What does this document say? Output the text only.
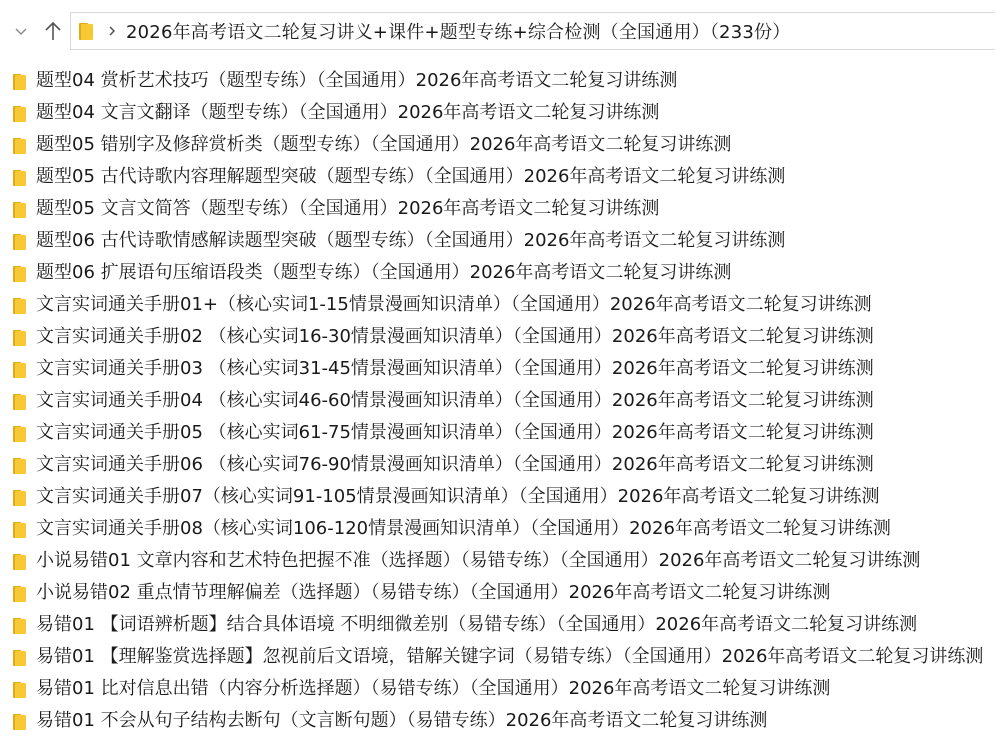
2026年高考语文二轮复习讲义+课件+题型专练+综合检测（全国通用）（233份）
题型04 赏析艺术技巧（题型专练）（全国通用）2026年高考语文二轮复习讲练测
题型04 文言文翻译（题型专练）（全国通用）2026年高考语文二轮复习讲练测
题型05 错别字及修辞赏析类（题型专练）（全国通用）2026年高考语文二轮复习讲练测
题型05 古代诗歌内容理解题型突破（题型专练）（全国通用）2026年高考语文二轮复习讲练测
题型05 文言文简答（题型专练）（全国通用）2026年高考语文二轮复习讲练测
题型06 古代诗歌情感解读题型突破（题型专练）（全国通用）2026年高考语文二轮复习讲练测
题型06 扩展语句压缩语段类（题型专练）（全国通用）2026年高考语文二轮复习讲练测
文言实词通关手册01+（核心实词1-15情景漫画知识清单）（全国通用）2026年高考语文二轮复习讲练测
文言实词通关手册02 （核心实词16-30情景漫画知识清单）（全国通用）2026年高考语文二轮复习讲练测
文言实词通关手册03 （核心实词31-45情景漫画知识清单）（全国通用）2026年高考语文二轮复习讲练测
文言实词通关手册04 （核心实词46-60情景漫画知识清单）（全国通用）2026年高考语文二轮复习讲练测
文言实词通关手册05 （核心实词61-75情景漫画知识清单）（全国通用）2026年高考语文二轮复习讲练测
文言实词通关手册06 （核心实词76-90情景漫画知识清单）（全国通用）2026年高考语文二轮复习讲练测
文言实词通关手册07（核心实词91-105情景漫画知识清单）（全国通用）2026年高考语文二轮复习讲练测
文言实词通关手册08（核心实词106-120情景漫画知识清单）（全国通用）2026年高考语文二轮复习讲练测
小说易错01 文章内容和艺术特色把握不准（选择题）（易错专练）（全国通用）2026年高考语文二轮复习讲练测
小说易错02 重点情节理解偏差（选择题）（易错专练）（全国通用）2026年高考语文二轮复习讲练测
易错01 【词语辨析题】结合具体语境 不明细微差别（易错专练）（全国通用）2026年高考语文二轮复习讲练测
易错01 【理解鉴赏选择题】忽视前后文语境，错解关键字词（易错专练）（全国通用）2026年高考语文二轮复习讲练测
易错01 比对信息出错（内容分析选择题）（易错专练）（全国通用）2026年高考语文二轮复习讲练测
易错01 不会从句子结构去断句（文言断句题）（易错专练）2026年高考语文二轮复习讲练测
